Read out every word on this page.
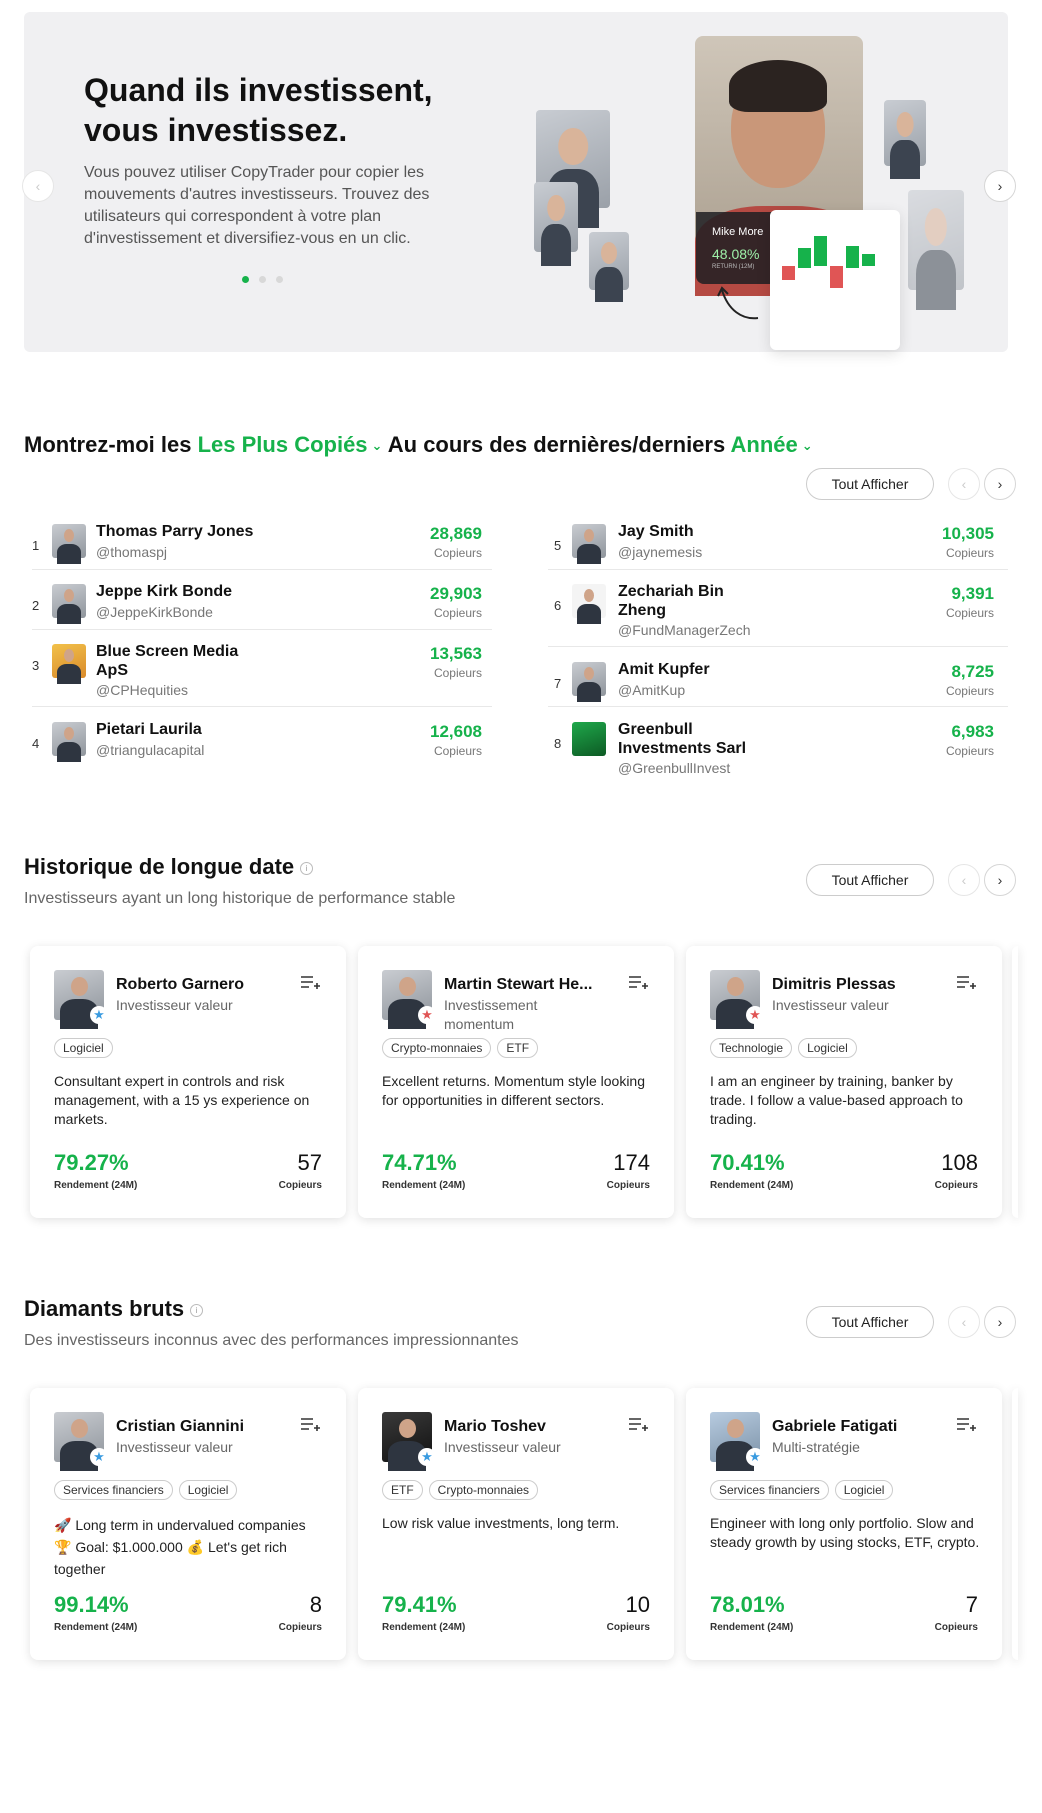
Quand ils investissent, vous investissez.
Vous pouvez utiliser CopyTrader pour copier les mouvements d'autres investisseurs. Trouvez des utilisateurs qui correspondent à votre plan d'investissement et diversifiez-vous en un clic.	Mike More
48.08%
RETURN (12M)
‹	›
Montrez-moi les Les Plus Copiés ⌄ Au cours des dernières/derniers Année ⌄
Tout Afficher	‹ ›
1
Thomas Parry Jones
@thomaspj
28,869
Copieurs
2
Jeppe Kirk Bonde
@JeppeKirkBonde
29,903
Copieurs
3
Blue Screen Media ApS
@CPHequities
13,563
Copieurs
4
Pietari Laurila
@triangulacapital
12,608
Copieurs
5
Jay Smith
@jaynemesis
10,305
Copieurs
6
Zechariah Bin Zheng
@FundManagerZech
9,391
Copieurs
7
Amit Kupfer
@AmitKup
8,725
Copieurs
8
Greenbull Investments Sarl
@GreenbullInvest
6,983
Copieurs
Historique de longue date i
Investisseurs ayant un long historique de performance stable
Tout Afficher	‹ ›
★
Roberto Garnero
Investisseur valeur
Logiciel
Consultant expert in controls and risk management, with a 15 ys experience on markets.
79.27%
Rendement (24M)
57
Copieurs
★
Martin Stewart He...
Investissement momentum
Crypto-monnaies	ETF
Excellent returns. Momentum style looking for opportunities in different sectors.
74.71%
Rendement (24M)
174
Copieurs
★
Dimitris Plessas
Investisseur valeur
Technologie	Logiciel
I am an engineer by training, banker by trade. I follow a value-based approach to trading.
70.41%
Rendement (24M)
108
Copieurs
Diamants bruts i
Des investisseurs inconnus avec des performances impressionnantes
Tout Afficher	‹ ›
★
Cristian Giannini
Investisseur valeur
Services financiers	Logiciel
🚀 Long term in undervalued companies 🏆 Goal: $1.000.000 💰 Let's get rich together
99.14%
Rendement (24M)
8
Copieurs
★
Mario Toshev
Investisseur valeur
ETF	Crypto-monnaies
Low risk value investments, long term.
79.41%
Rendement (24M)
10
Copieurs
★
Gabriele Fatigati
Multi-stratégie
Services financiers	Logiciel
Engineer with long only portfolio. Slow and steady growth by using stocks, ETF, crypto.
78.01%
Rendement (24M)
7
Copieurs
